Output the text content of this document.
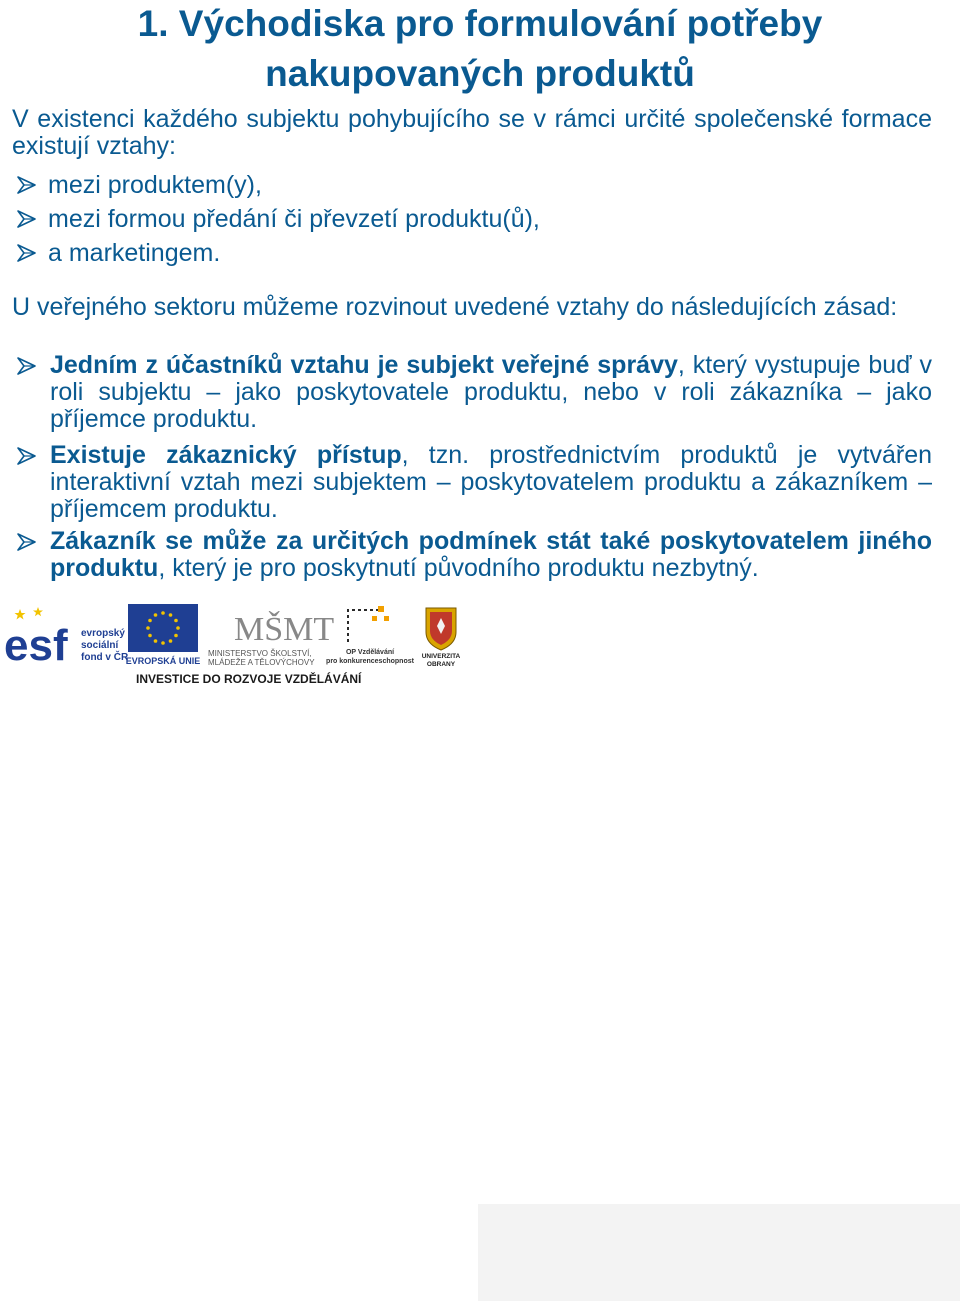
1. Východiska pro formulování potřeby
nakupovaných produktů
V existenci každého subjektu pohybujícího se v rámci určité společenské formace existují vztahy:
mezi produktem(y),
mezi formou předání či převzetí produktu(ů),
a marketingem.
U veřejného sektoru můžeme rozvinout uvedené vztahy do následujících zásad:
Jedním z účastníků vztahu je subjekt veřejné správy, který vystupuje buď v roli subjektu – jako poskytovatele produktu, nebo v roli zákazníka – jako příjemce produktu.
Existuje zákaznický přístup, tzn. prostřednictvím produktů je vytvářen interaktivní vztah mezi subjektem – poskytovatelem produktu a zákazníkem – příjemcem produktu.
Zákazník se může za určitých podmínek stát také poskytovatelem jiného produktu, který je pro poskytnutí původního produktu nezbytný.
esf evropský
sociální
fond v ČR
EVROPSKÁ UNIE
MŠMT
MINISTERSTVO ŠKOLSTVÍ,
MLÁDEŽE A TĚLOVÝCHOVY
OP Vzdělávání
pro konkurenceschopnost
UNIVERZITA
OBRANY
INVESTICE DO ROZVOJE VZDĚLÁVÁNÍ
